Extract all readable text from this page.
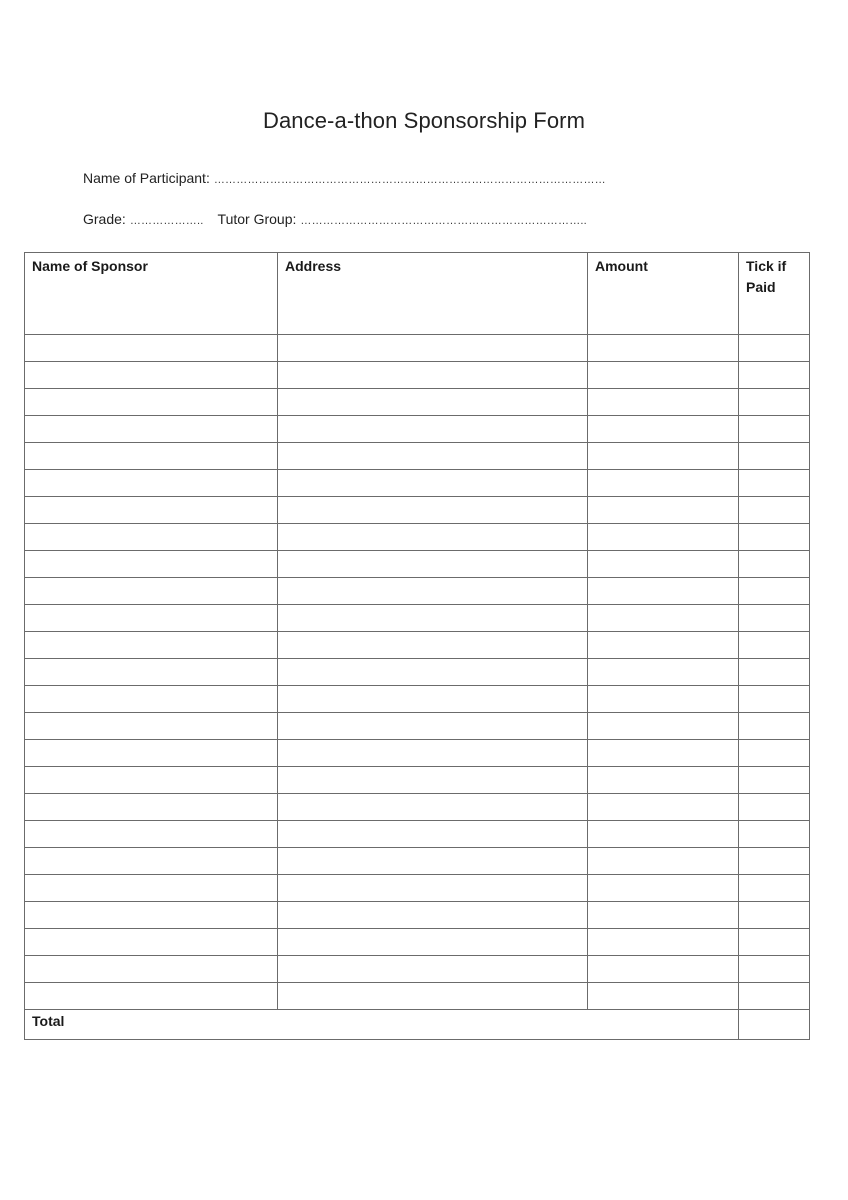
Dance-a-thon Sponsorship Form
Name of Participant: ……………………………………………………………………………………………
Grade: ……………….. Tutor Group: …………………………………………………………………..
Name of Sponsor	Address	Amount	Tick if Paid

Total			
